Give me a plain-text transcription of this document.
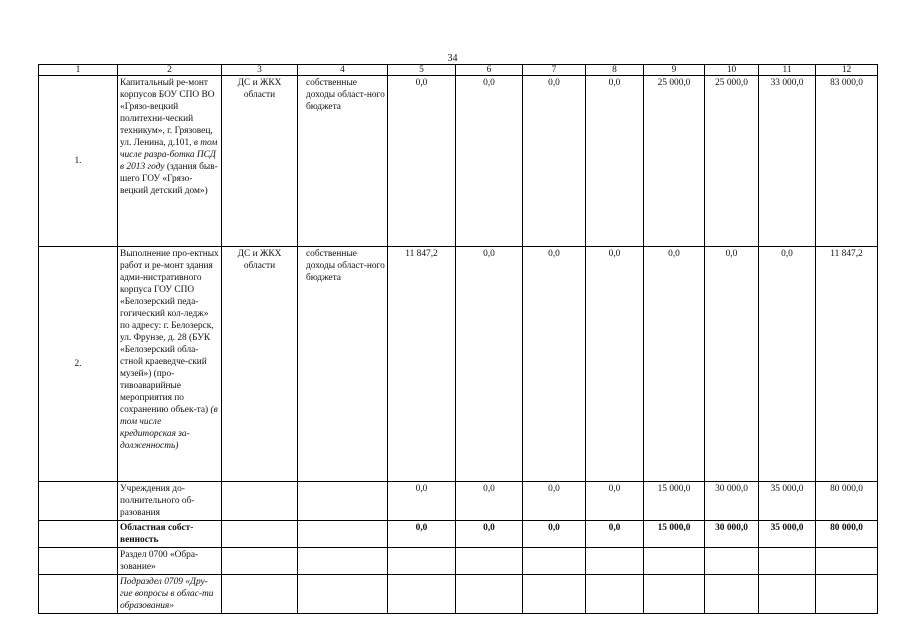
34
1	2	3	4	5	6	7	8	9	10	11	12
1.	Капитальный ре-монт корпусов БОУ СПО ВО «Грязо-вецкий политехни-ческий техникум», г. Грязовец, ул. Ленина, д.101, в том числе разра-ботка ПСД в 2013 году (здания быв-шего ГОУ «Грязо-вецкий детский дом»)	ДС и ЖКХ области	собственные доходы област-ного бюджета	0,0	0,0	0,0	0,0	25 000,0	25 000,0	33 000,0	83 000,0
2.	Выполнение про-ектных работ и ре-монт здания адми-нистративного корпуса ГОУ СПО «Белозерский педа-гогический кол-ледж» по адресу: г. Белозерск, ул. Фрунзе, д. 28 (БУК «Белозерский обла-стной краеведче-ский музей») (про-тивоаварийные мероприятия по сохранению объек-та) (в том числе кредиторская за-долженность)	ДС и ЖКХ области	собственные доходы област-ного бюджета	11 847,2	0,0	0,0	0,0	0,0	0,0	0,0	11 847,2
	Учреждения до-полнительного об-разования			0,0	0,0	0,0	0,0	15 000,0	30 000,0	35 000,0	80 000,0
	Областная собст-венность			0,0	0,0	0,0	0,0	15 000,0	30 000,0	35 000,0	80 000,0
	Раздел 0700 «Обра-зование»										
	Подраздел 0709 «Дру-гие вопросы в облас-ти образования»										
